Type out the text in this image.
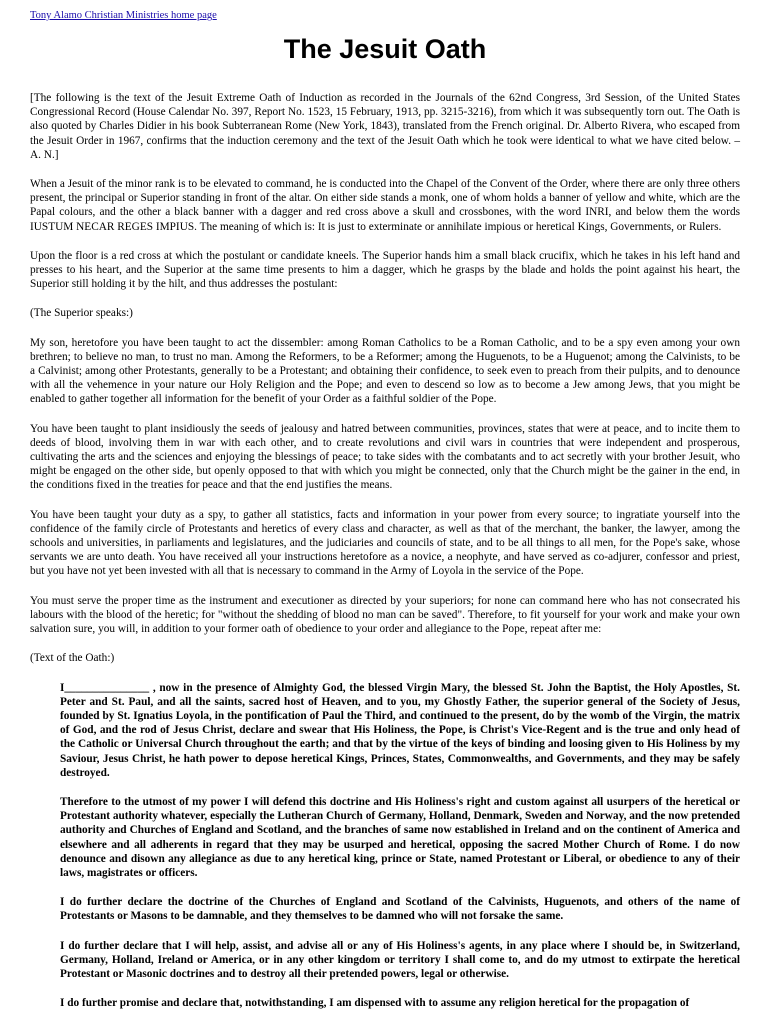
Tony Alamo Christian Ministries home page
The Jesuit Oath

[The following is the text of the Jesuit Extreme Oath of Induction as recorded in the Journals of the 62nd Congress, 3rd Session, of the United States Congressional Record (House Calendar No. 397, Report No. 1523, 15 February, 1913, pp. 3215-3216), from which it was subsequently torn out. The Oath is also quoted by Charles Didier in his book Subterranean Rome (New York, 1843), translated from the French original. Dr. Alberto Rivera, who escaped from the Jesuit Order in 1967, confirms that the induction ceremony and the text of the Jesuit Oath which he took were identical to what we have cited below. – A. N.]

When a Jesuit of the minor rank is to be elevated to command, he is conducted into the Chapel of the Convent of the Order, where there are only three others present, the principal or Superior standing in front of the altar. On either side stands a monk, one of whom holds a banner of yellow and white, which are the Papal colours, and the other a black banner with a dagger and red cross above a skull and crossbones, with the word INRI, and below them the words IUSTUM NECAR REGES IMPIUS. The meaning of which is: It is just to exterminate or annihilate impious or heretical Kings, Governments, or Rulers.

Upon the floor is a red cross at which the postulant or candidate kneels. The Superior hands him a small black crucifix, which he takes in his left hand and presses to his heart, and the Superior at the same time presents to him a dagger, which he grasps by the blade and holds the point against his heart, the Superior still holding it by the hilt, and thus addresses the postulant:

(The Superior speaks:)

My son, heretofore you have been taught to act the dissembler: among Roman Catholics to be a Roman Catholic, and to be a spy even among your own brethren; to believe no man, to trust no man. Among the Reformers, to be a Reformer; among the Huguenots, to be a Huguenot; among the Calvinists, to be a Calvinist; among other Protestants, generally to be a Protestant; and obtaining their confidence, to seek even to preach from their pulpits, and to denounce with all the vehemence in your nature our Holy Religion and the Pope; and even to descend so low as to become a Jew among Jews, that you might be enabled to gather together all information for the benefit of your Order as a faithful soldier of the Pope.

You have been taught to plant insidiously the seeds of jealousy and hatred between communities, provinces, states that were at peace, and to incite them to deeds of blood, involving them in war with each other, and to create revolutions and civil wars in countries that were independent and prosperous, cultivating the arts and the sciences and enjoying the blessings of peace; to take sides with the combatants and to act secretly with your brother Jesuit, who might be engaged on the other side, but openly opposed to that with which you might be connected, only that the Church might be the gainer in the end, in the conditions fixed in the treaties for peace and that the end justifies the means.

You have been taught your duty as a spy, to gather all statistics, facts and information in your power from every source; to ingratiate yourself into the confidence of the family circle of Protestants and heretics of every class and character, as well as that of the merchant, the banker, the lawyer, among the schools and universities, in parliaments and legislatures, and the judiciaries and councils of state, and to be all things to all men, for the Pope's sake, whose servants we are unto death. You have received all your instructions heretofore as a novice, a neophyte, and have served as co-adjurer, confessor and priest, but you have not yet been invested with all that is necessary to command in the Army of Loyola in the service of the Pope.

You must serve the proper time as the instrument and executioner as directed by your superiors; for none can command here who has not consecrated his labours with the blood of the heretic; for "without the shedding of blood no man can be saved". Therefore, to fit yourself for your work and make your own salvation sure, you will, in addition to your former oath of obedience to your order and allegiance to the Pope, repeat after me:

(Text of the Oath:)

I_______________ , now in the presence of Almighty God, the blessed Virgin Mary, the blessed St. John the Baptist, the Holy Apostles, St. Peter and St. Paul, and all the saints, sacred host of Heaven, and to you, my Ghostly Father, the superior general of the Society of Jesus, founded by St. Ignatius Loyola, in the pontification of Paul the Third, and continued to the present, do by the womb of the Virgin, the matrix of God, and the rod of Jesus Christ, declare and swear that His Holiness, the Pope, is Christ's Vice-Regent and is the true and only head of the Catholic or Universal Church throughout the earth; and that by the virtue of the keys of binding and loosing given to His Holiness by my Saviour, Jesus Christ, he hath power to depose heretical Kings, Princes, States, Commonwealths, and Governments, and they may be safely destroyed.

Therefore to the utmost of my power I will defend this doctrine and His Holiness's right and custom against all usurpers of the heretical or Protestant authority whatever, especially the Lutheran Church of Germany, Holland, Denmark, Sweden and Norway, and the now pretended authority and Churches of England and Scotland, and the branches of same now established in Ireland and on the continent of America and elsewhere and all adherents in regard that they may be usurped and heretical, opposing the sacred Mother Church of Rome. I do now denounce and disown any allegiance as due to any heretical king, prince or State, named Protestant or Liberal, or obedience to any of their laws, magistrates or officers.

I do further declare the doctrine of the Churches of England and Scotland of the Calvinists, Huguenots, and others of the name of Protestants or Masons to be damnable, and they themselves to be damned who will not forsake the same.

I do further declare that I will help, assist, and advise all or any of His Holiness's agents, in any place where I should be, in Switzerland, Germany, Holland, Ireland or America, or in any other kingdom or territory I shall come to, and do my utmost to extirpate the heretical Protestant or Masonic doctrines and to destroy all their pretended powers, legal or otherwise.

I do further promise and declare that, notwithstanding, I am dispensed with to assume any religion heretical for the propagation of
